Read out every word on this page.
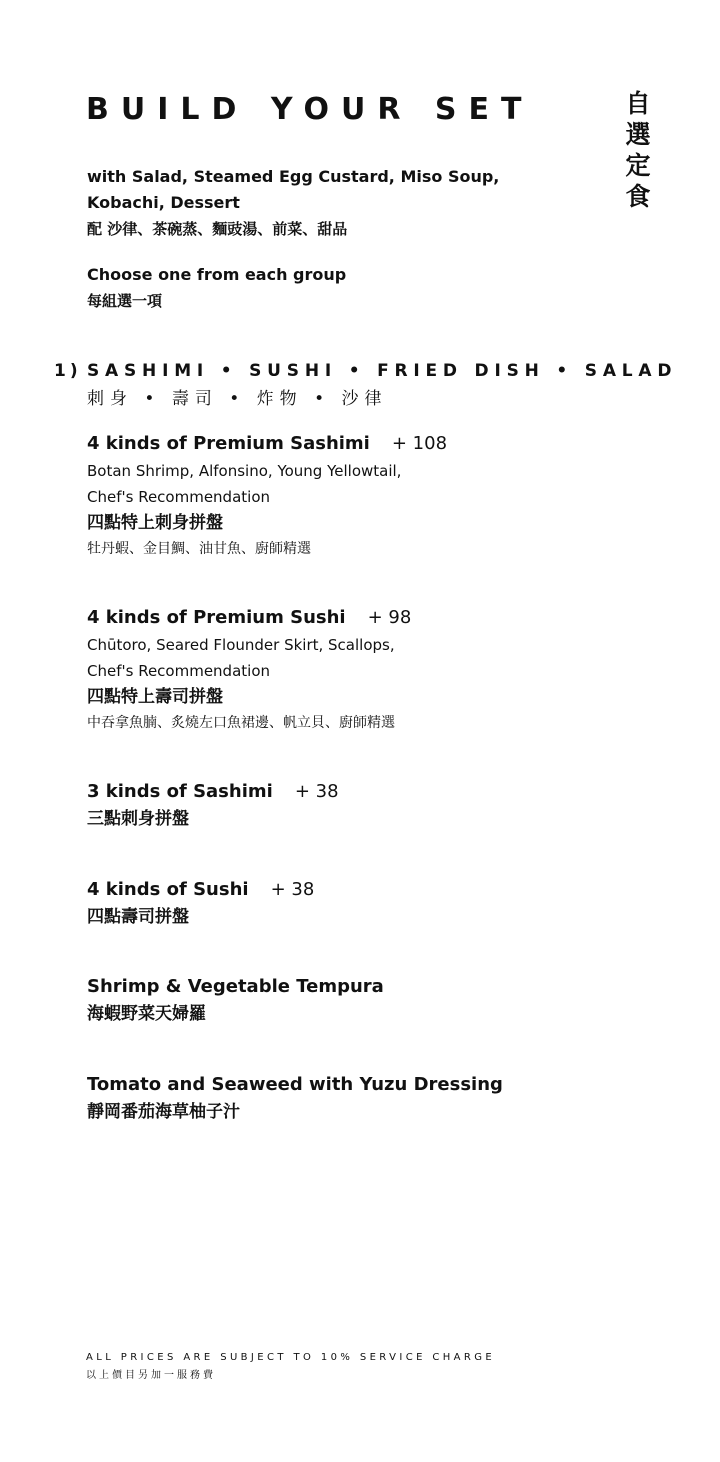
BUILD YOUR SET	自
選
定
食
with Salad, Steamed Egg Custard, Miso Soup,
Kobachi, Dessert
配 沙律、茶碗蒸、麵豉湯、前菜、甜品
Choose one from each group
每組選一項
1) SASHIMI • SUSHI • FRIED DISH • SALAD
刺身 • 壽司 • 炸物 • 沙律
4 kinds of Premium Sashimi + 108
Botan Shrimp, Alfonsino, Young Yellowtail,
Chef's Recommendation
四點特上刺身拼盤
牡丹蝦、金目鯛、油甘魚、廚師精選
4 kinds of Premium Sushi + 98
Chūtoro, Seared Flounder Skirt, Scallops,
Chef's Recommendation
四點特上壽司拼盤
中吞拿魚腩、炙燒左口魚裙邊、帆立貝、廚師精選
3 kinds of Sashimi + 38
三點刺身拼盤
4 kinds of Sushi + 38
四點壽司拼盤
Shrimp & Vegetable Tempura
海蝦野菜天婦羅
Tomato and Seaweed with Yuzu Dressing
靜岡番茄海草柚子汁
ALL PRICES ARE SUBJECT TO 10% SERVICE CHARGE
以上價目另加一服務費
